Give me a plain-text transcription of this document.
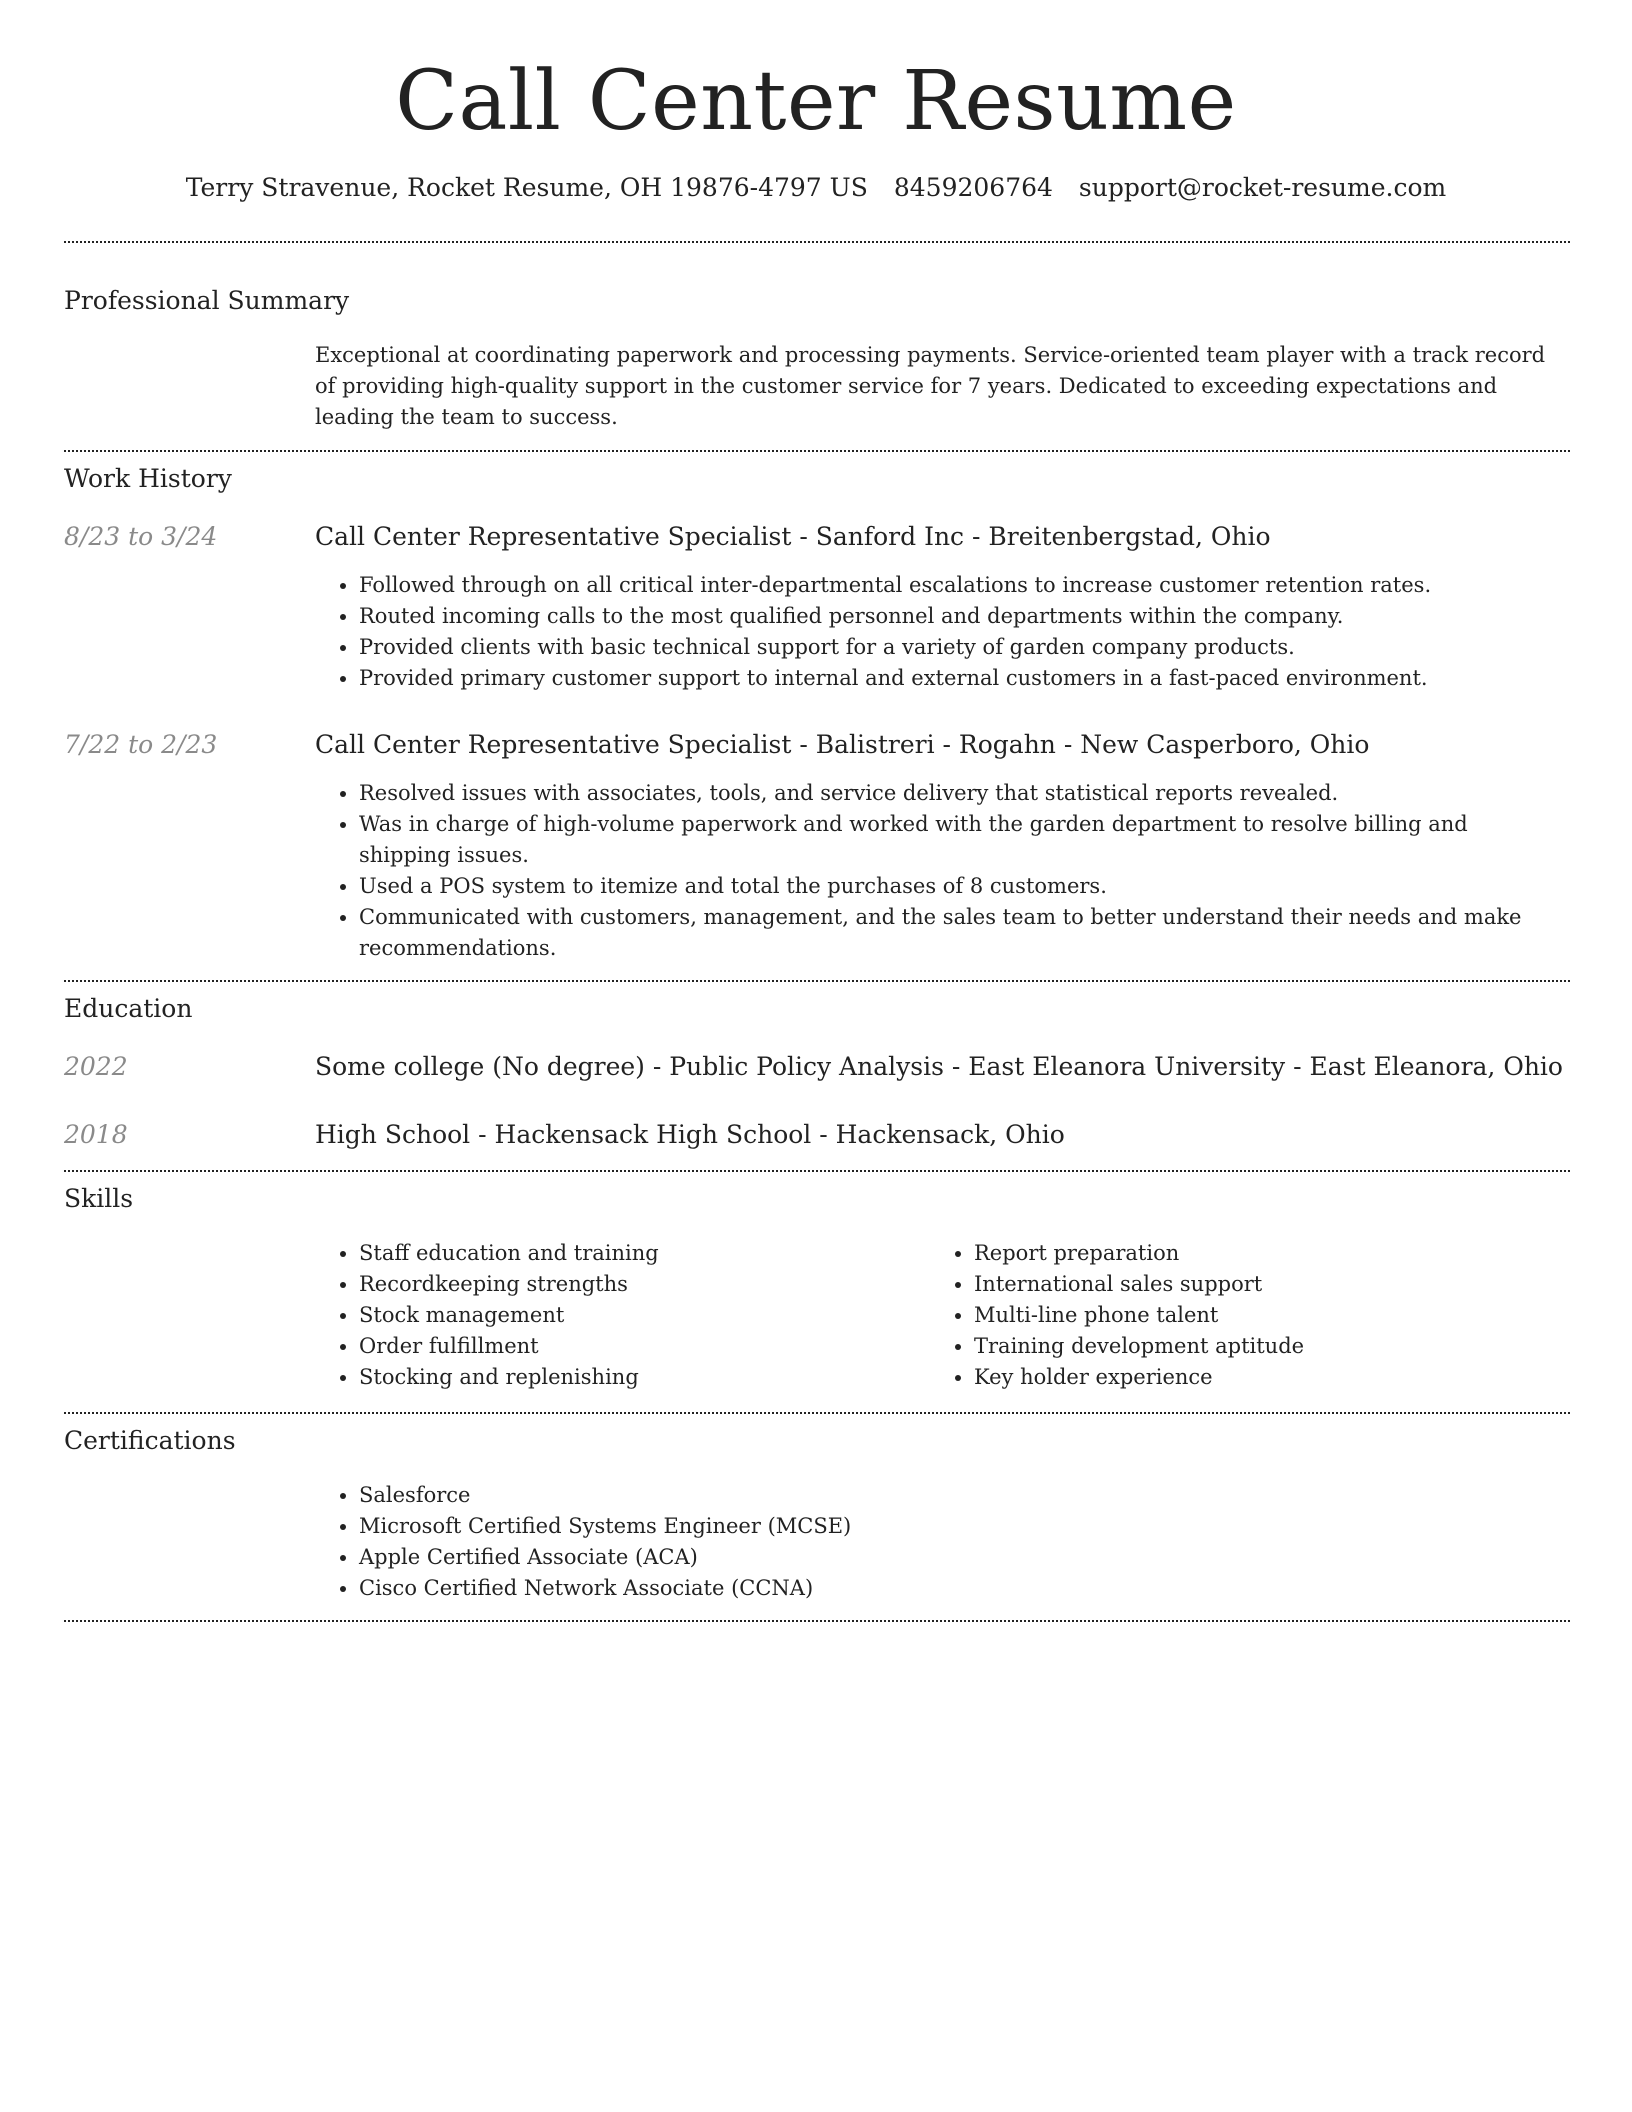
Call Center Resume
Terry Stravenue, Rocket Resume, OH 19876-4797 US 8459206764 support@rocket-resume.com
Professional Summary
Exceptional at coordinating paperwork and processing payments. Service-oriented team player with a track record of providing high-quality support in the customer service for 7 years. Dedicated to exceeding expectations and leading the team to success.
Work History
8/23 to 3/24	Call Center Representative Specialist - Sanford Inc - Breitenbergstad, Ohio
• Followed through on all critical inter-departmental escalations to increase customer retention rates.
• Routed incoming calls to the most qualified personnel and departments within the company.
• Provided clients with basic technical support for a variety of garden company products.
• Provided primary customer support to internal and external customers in a fast-paced environment.
7/22 to 2/23	Call Center Representative Specialist - Balistreri - Rogahn - New Casperboro, Ohio
• Resolved issues with associates, tools, and service delivery that statistical reports revealed.
• Was in charge of high-volume paperwork and worked with the garden department to resolve billing and shipping issues.
• Used a POS system to itemize and total the purchases of 8 customers.
• Communicated with customers, management, and the sales team to better understand their needs and make recommendations.
Education
2022	Some college (No degree) - Public Policy Analysis - East Eleanora University - East Eleanora, Ohio
2018	High School - Hackensack High School - Hackensack, Ohio
Skills
• Staff education and training
• Recordkeeping strengths
• Stock management
• Order fulfillment
• Stocking and replenishing
• Report preparation
• International sales support
• Multi-line phone talent
• Training development aptitude
• Key holder experience
Certifications
• Salesforce
• Microsoft Certified Systems Engineer (MCSE)
• Apple Certified Associate (ACA)
• Cisco Certified Network Associate (CCNA)
